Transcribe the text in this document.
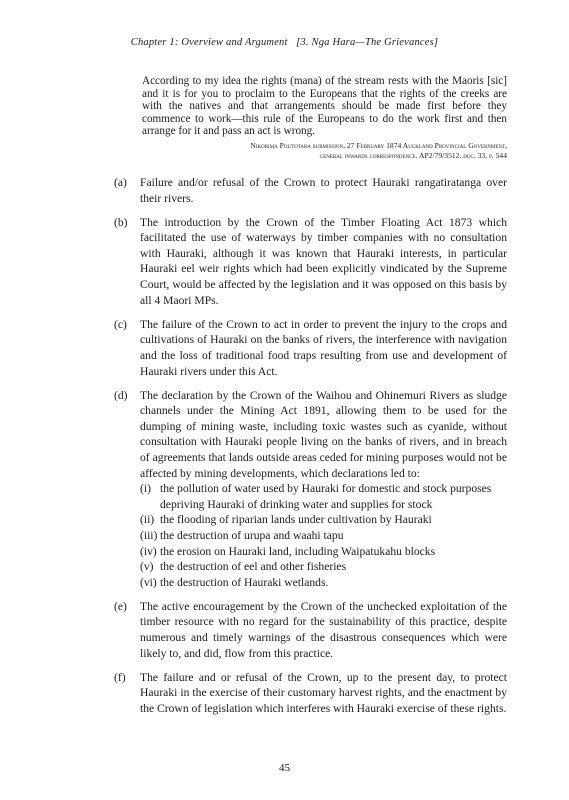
Chapter 1: Overview and Argument [3. Nga Hara—The Grievances]

According to my idea the rights (mana) of the stream rests with the Maoris [sic] and it is for you to proclaim to the Europeans that the rights of the creeks are with the natives and that arrangements should be made first before they commence to work—this rule of the Europeans to do the work first and then arrange for it and pass an act is wrong.

Nikorima Poutotara submission, 27 February 1874 Auckland Provincial Government,
general inwards correspondence. AP2/79/3512. doc. 33, p. 544
(a) Failure and/or refusal of the Crown to protect Hauraki rangatiratanga over their rivers.
(b) The introduction by the Crown of the Timber Floating Act 1873 which facilitated the use of waterways by timber companies with no consultation with Hauraki, although it was known that Hauraki interests, in particular Hauraki eel weir rights which had been explicitly vindicated by the Supreme Court, would be affected by the legislation and it was opposed on this basis by all 4 Maori MPs.
(c) The failure of the Crown to act in order to prevent the injury to the crops and cultivations of Hauraki on the banks of rivers, the interference with navigation and the loss of traditional food traps resulting from use and development of Hauraki rivers under this Act.
(d) The declaration by the Crown of the Waihou and Ohinemuri Rivers as sludge channels under the Mining Act 1891, allowing them to be used for the dumping of mining waste, including toxic wastes such as cyanide, without consultation with Hauraki people living on the banks of rivers, and in breach of agreements that lands outside areas ceded for mining purposes would not be affected by mining developments, which declarations led to:
(i) the pollution of water used by Hauraki for domestic and stock purposes depriving Hauraki of drinking water and supplies for stock
(ii) the flooding of riparian lands under cultivation by Hauraki
(iii) the destruction of urupa and waahi tapu
(iv) the erosion on Hauraki land, including Waipatukahu blocks
(v) the destruction of eel and other fisheries
(vi) the destruction of Hauraki wetlands.
(e) The active encouragement by the Crown of the unchecked exploitation of the timber resource with no regard for the sustainability of this practice, despite numerous and timely warnings of the disastrous consequences which were likely to, and did, flow from this practice.
(f) The failure and or refusal of the Crown, up to the present day, to protect Hauraki in the exercise of their customary harvest rights, and the enactment by the Crown of legislation which interferes with Hauraki exercise of these rights.
45
